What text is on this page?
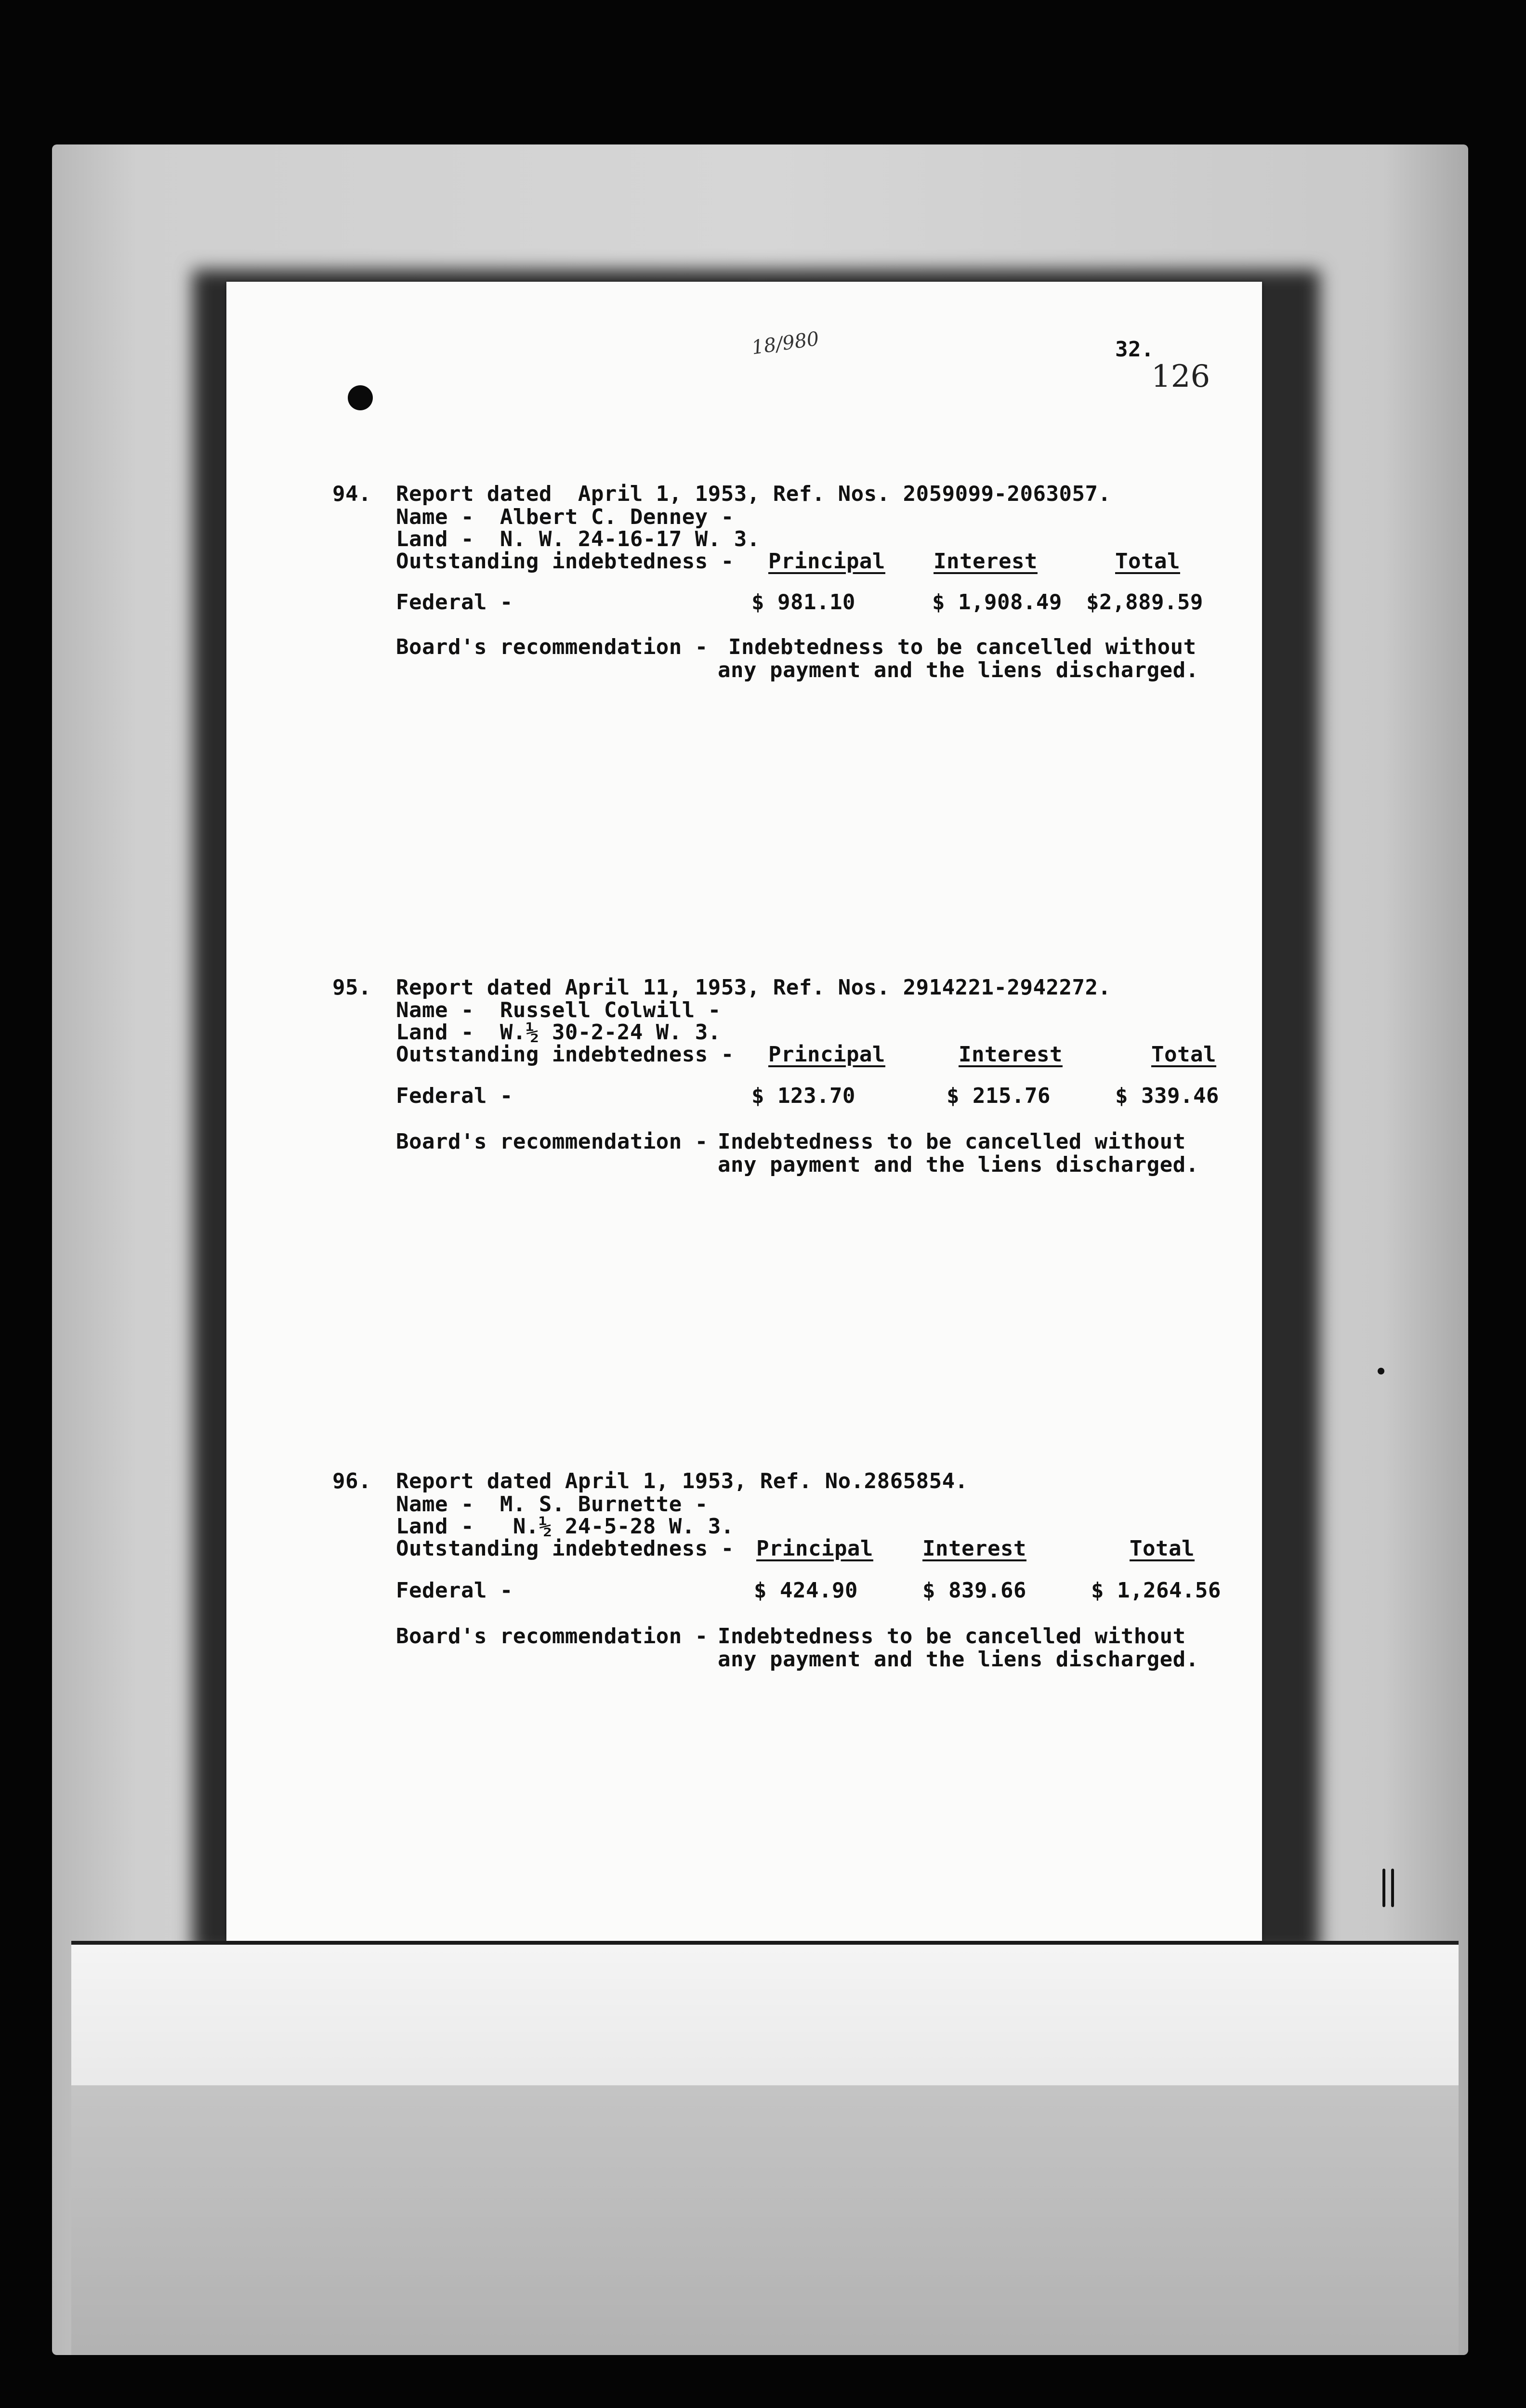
18/980	32.
126
94. Report dated  April 1, 1953, Ref. Nos. 2059099-2063057.
Name -  Albert C. Denney -
Land -  N. W. 24-16-17 W. 3.
Outstanding indebtedness - Principal Interest	Total
Federal -	$ 981.10	$ 1,908.49 $2,889.59
Board's recommendation - Indebtedness to be cancelled without
any payment and the liens discharged.
95. Report dated April 11, 1953, Ref. Nos. 2914221-2942272.
Name -  Russell Colwill -
Land -  W.½ 30-2-24 W. 3.
Outstanding indebtedness - Principal	Interest	Total
Federal -	$ 123.70	$ 215.76	$ 339.46
Board's recommendation - Indebtedness to be cancelled without
any payment and the liens discharged.
96. Report dated April 1, 1953, Ref. No.2865854.
Name -  M. S. Burnette -
Land -   N.½ 24-5-28 W. 3.
Outstanding indebtedness - Principal Interest	Total
Federal -	$ 424.90	$ 839.66	$ 1,264.56
Board's recommendation - Indebtedness to be cancelled without
any payment and the liens discharged.
